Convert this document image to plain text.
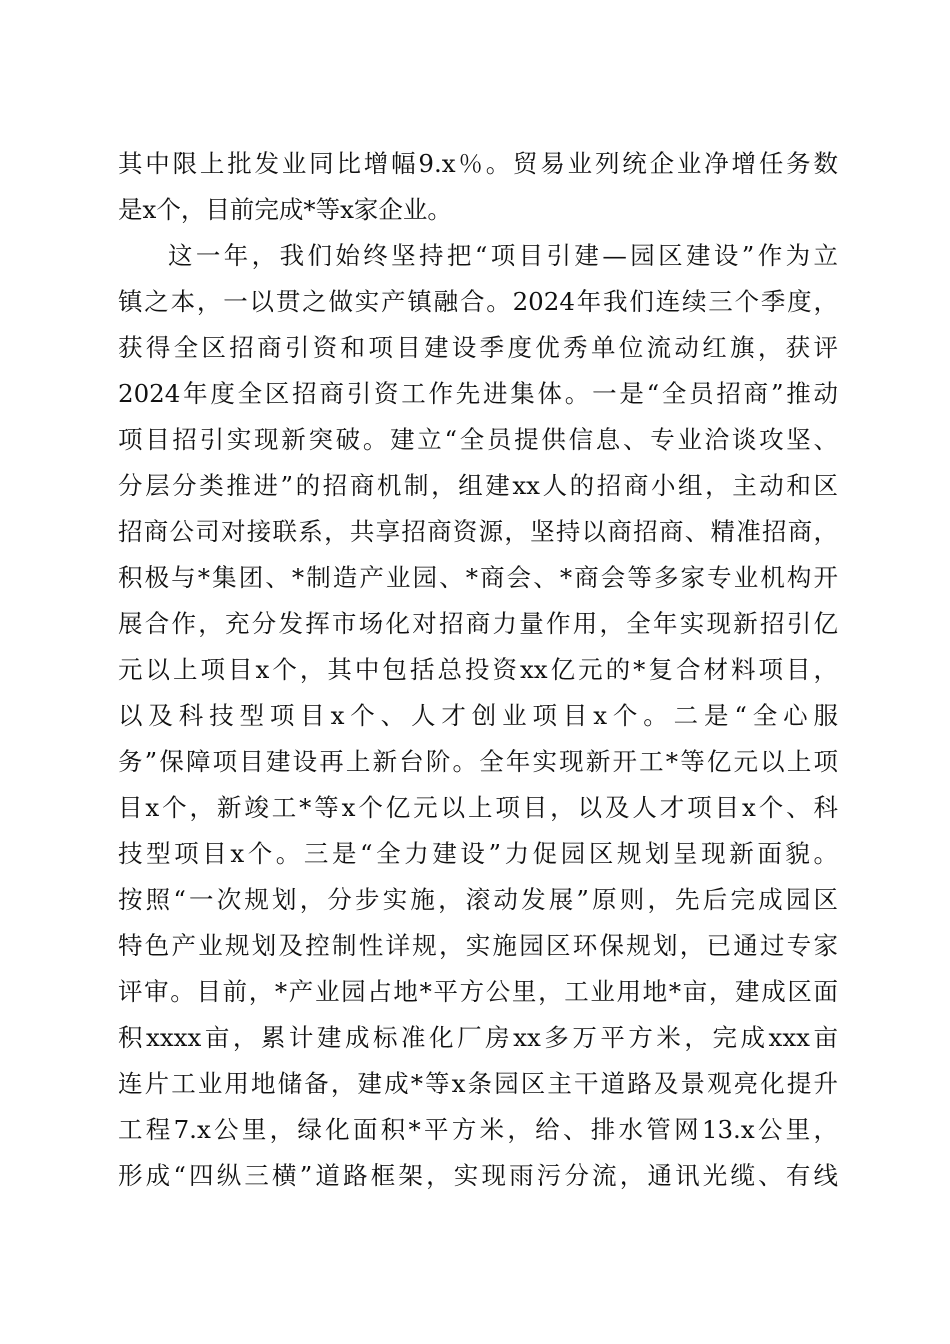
其中限上批发业同比增幅9.x％。贸易业列统企业净增任务数
是x个，目前完成*等x家企业。
这一年，我们始终坚持把“项目引建—园区建设”作为立
镇之本，一以贯之做实产镇融合。2024年我们连续三个季度，
获得全区招商引资和项目建设季度优秀单位流动红旗，获评
2024年度全区招商引资工作先进集体。一是“全员招商”推动
项目招引实现新突破。建立“全员提供信息、专业洽谈攻坚、
分层分类推进”的招商机制，组建xx人的招商小组，主动和区
招商公司对接联系，共享招商资源，坚持以商招商、精准招商，
积极与*集团、*制造产业园、*商会、*商会等多家专业机构开
展合作，充分发挥市场化对招商力量作用，全年实现新招引亿
元以上项目x个，其中包括总投资xx亿元的*复合材料项目，
以及科技型项目x个、人才创业项目x个。二是“全心服
务”保障项目建设再上新台阶。全年实现新开工*等亿元以上项
目x个，新竣工*等x个亿元以上项目，以及人才项目x个、科
技型项目x个。三是“全力建设”力促园区规划呈现新面貌。
按照“一次规划，分步实施，滚动发展”原则，先后完成园区
特色产业规划及控制性详规，实施园区环保规划，已通过专家
评审。目前，*产业园占地*平方公里，工业用地*亩，建成区面
积xxxx亩，累计建成标准化厂房xx多万平方米，完成xxx亩
连片工业用地储备，建成*等x条园区主干道路及景观亮化提升
工程7.x公里，绿化面积*平方米，给、排水管网13.x公里，
形成“四纵三横”道路框架，实现雨污分流，通讯光缆、有线
